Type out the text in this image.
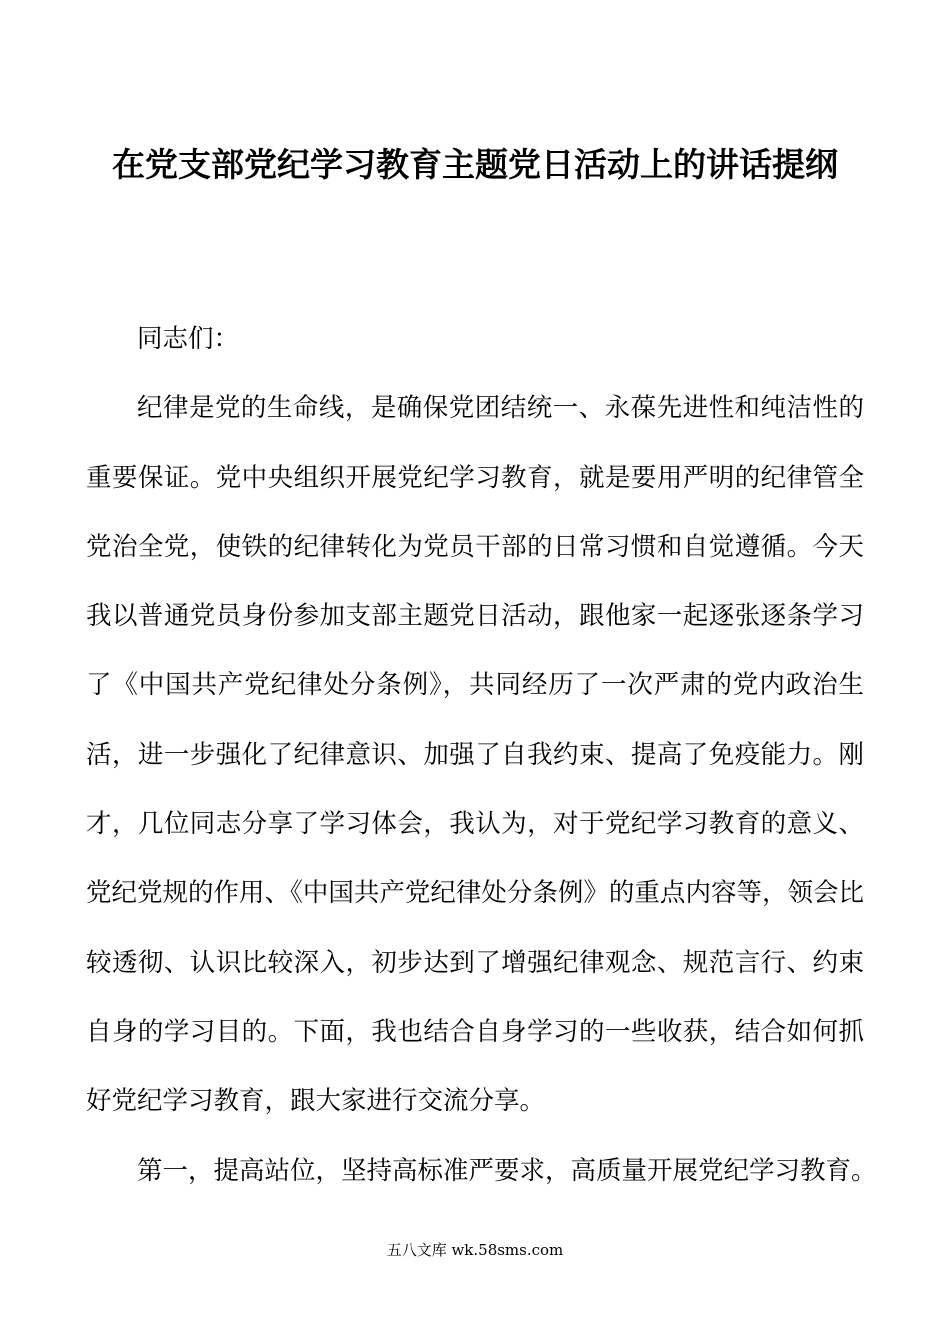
在党支部党纪学习教育主题党日活动上的讲话提纲

同志们：

纪律是党的生命线，是确保党团结统一、永葆先进性和纯洁性的重要保证。党中央组织开展党纪学习教育，就是要用严明的纪律管全党治全党，使铁的纪律转化为党员干部的日常习惯和自觉遵循。今天我以普通党员身份参加支部主题党日活动，跟他家一起逐张逐条学习了《中国共产党纪律处分条例》，共同经历了一次严肃的党内政治生活，进一步强化了纪律意识、加强了自我约束、提高了免疫能力。刚才，几位同志分享了学习体会，我认为，对于党纪学习教育的意义、党纪党规的作用、《中国共产党纪律处分条例》的重点内容等，领会比较透彻、认识比较深入，初步达到了增强纪律观念、规范言行、约束自身的学习目的。下面，我也结合自身学习的一些收获，结合如何抓好党纪学习教育，跟大家进行交流分享。

第一，提高站位，坚持高标准严要求，高质量开展党纪学习教育。

五八文库 wk.58sms.com
